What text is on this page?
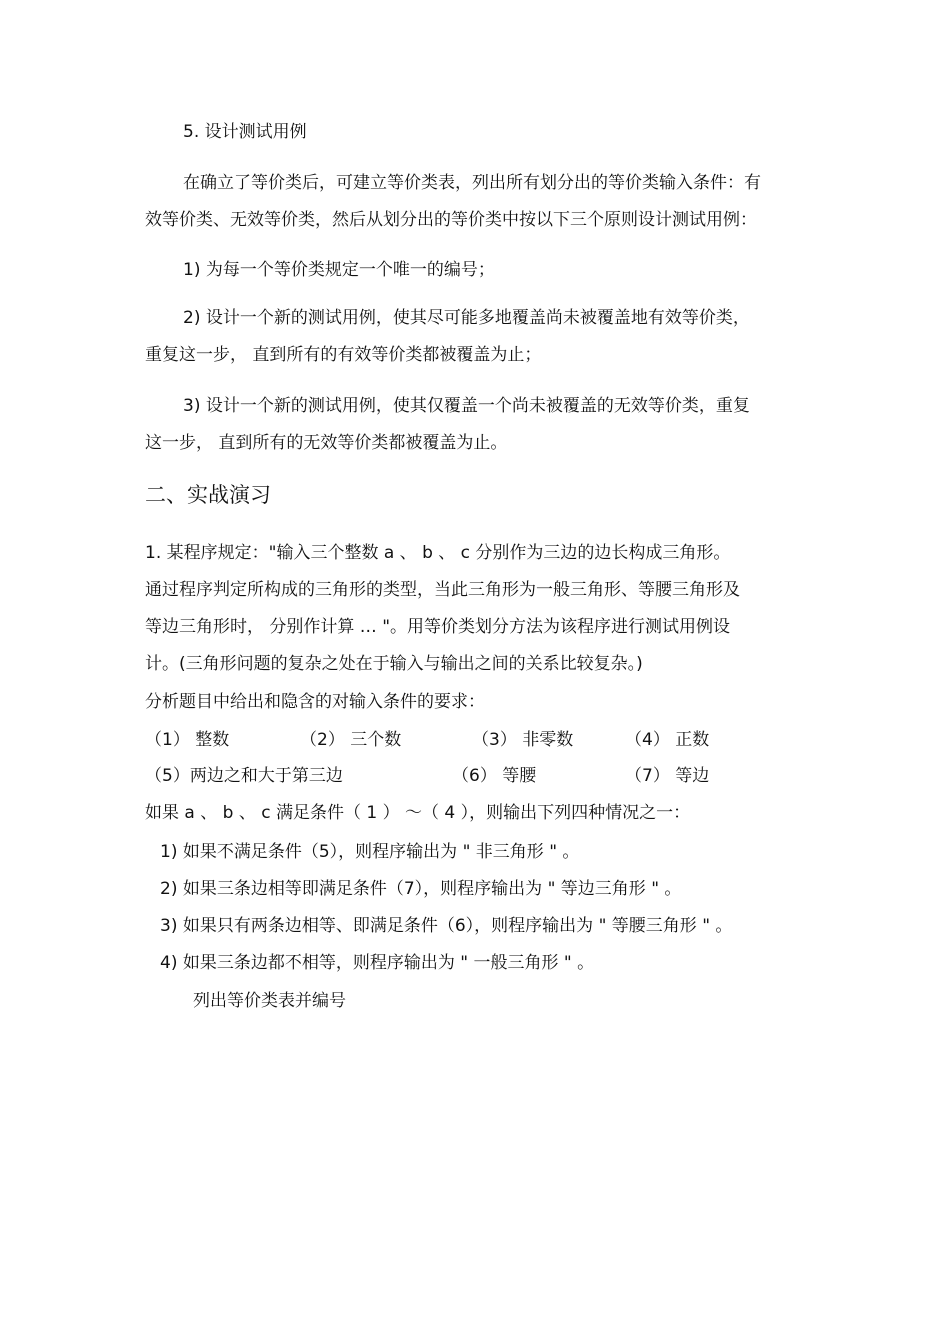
5. 设计测试用例
在确立了等价类后，可建立等价类表，列出所有划分出的等价类输入条件：有
效等价类、无效等价类，然后从划分出的等价类中按以下三个原则设计测试用例：
1) 为每一个等价类规定一个唯一的编号；
2) 设计一个新的测试用例，使其尽可能多地覆盖尚未被覆盖地有效等价类，
重复这一步， 直到所有的有效等价类都被覆盖为止；
3) 设计一个新的测试用例，使其仅覆盖一个尚未被覆盖的无效等价类，重复
这一步， 直到所有的无效等价类都被覆盖为止。
二、实战演习
1. 某程序规定："输入三个整数 a 、 b 、 c 分别作为三边的边长构成三角形。
通过程序判定所构成的三角形的类型，当此三角形为一般三角形、等腰三角形及
等边三角形时， 分别作计算 … "。用等价类划分方法为该程序进行测试用例设
计。(三角形问题的复杂之处在于输入与输出之间的关系比较复杂。)
分析题目中给出和隐含的对输入条件的要求：
（1） 整数	（2） 三个数	（3） 非零数	（4） 正数
（5）两边之和大于第三边	（6） 等腰	（7） 等边
如果 a 、 b 、 c 满足条件（ 1 ） ～（ 4 ），则输出下列四种情况之一：
1) 如果不满足条件（5），则程序输出为 " 非三角形 " 。
2) 如果三条边相等即满足条件（7），则程序输出为 " 等边三角形 " 。
3) 如果只有两条边相等、即满足条件（6），则程序输出为 " 等腰三角形 " 。
4) 如果三条边都不相等，则程序输出为 " 一般三角形 " 。
列出等价类表并编号
